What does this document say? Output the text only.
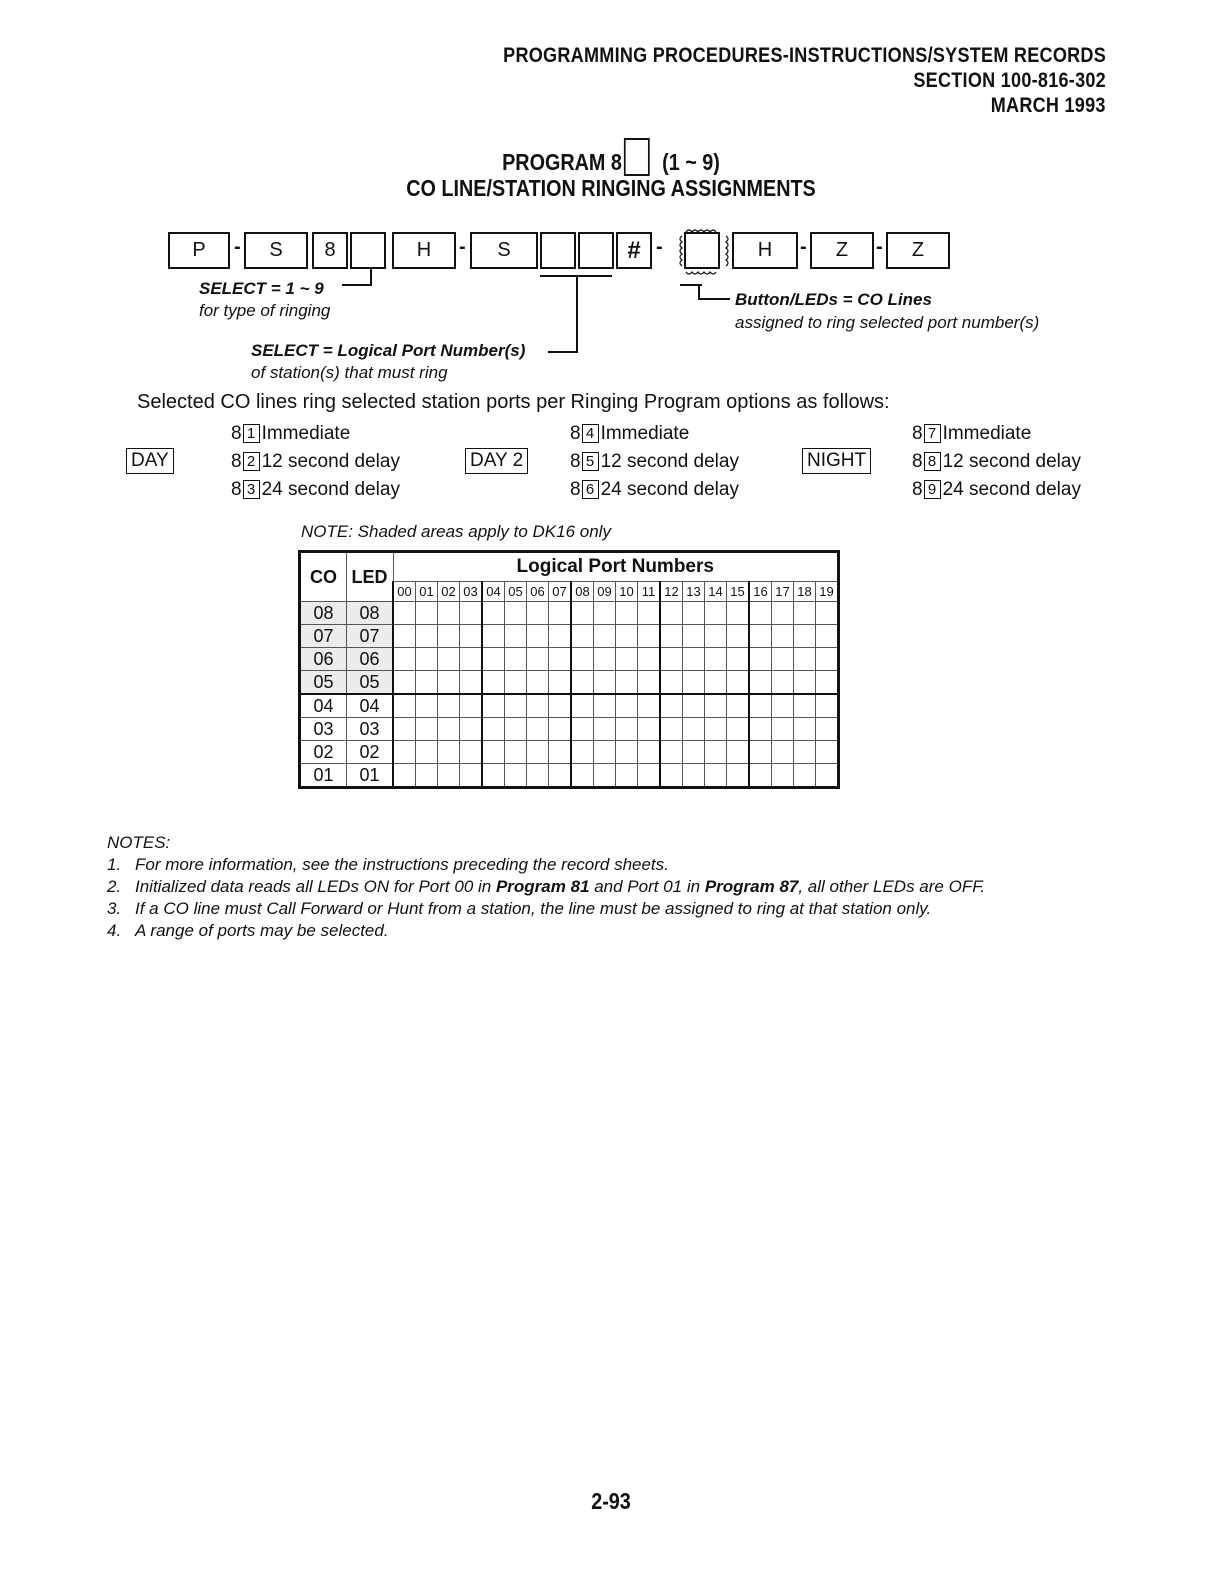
PROGRAMMING PROCEDURES-INSTRUCTIONS/SYSTEM RECORDS
SECTION 100-816-302
MARCH 1993
PROGRAM 8 (1 ~ 9)
CO LINE/STATION RINGING ASSIGNMENTS
P	S	8	H	S	#	H	Z	Z
-	-	-	-	-
SELECT = 1 ~ 9
for type of ringing
SELECT = Logical Port Number(s)
of station(s) that must ring
Button/LEDs = CO Lines
assigned to ring selected port number(s)
Selected CO lines ring selected station ports per Ringing Program options as follows:
DAY
8 1 Immediate
8 2 12 second delay
8 3 24 second delay
DAY 2
8 4 Immediate
8 5 12 second delay
8 6 24 second delay
NIGHT
8 7 Immediate
8 8 12 second delay
8 9 24 second delay
NOTE: Shaded areas apply to DK16 only
CO	LED	Logical Port Numbers																			
		00	01	02	03	04	05	06	07	08	09	10	11	12	13	14	15	16	17	18	19
08	08																				
07	07																				
06	06																				
05	05																				
04	04																				
03	03																				
02	02																				
01	01																				
NOTES:
1. For more information, see the instructions preceding the record sheets.
2. Initialized data reads all LEDs ON for Port 00 in Program 81 and Port 01 in Program 87, all other LEDs are OFF.
3. If a CO line must Call Forward or Hunt from a station, the line must be assigned to ring at that station only.
4. A range of ports may be selected.
2-93
